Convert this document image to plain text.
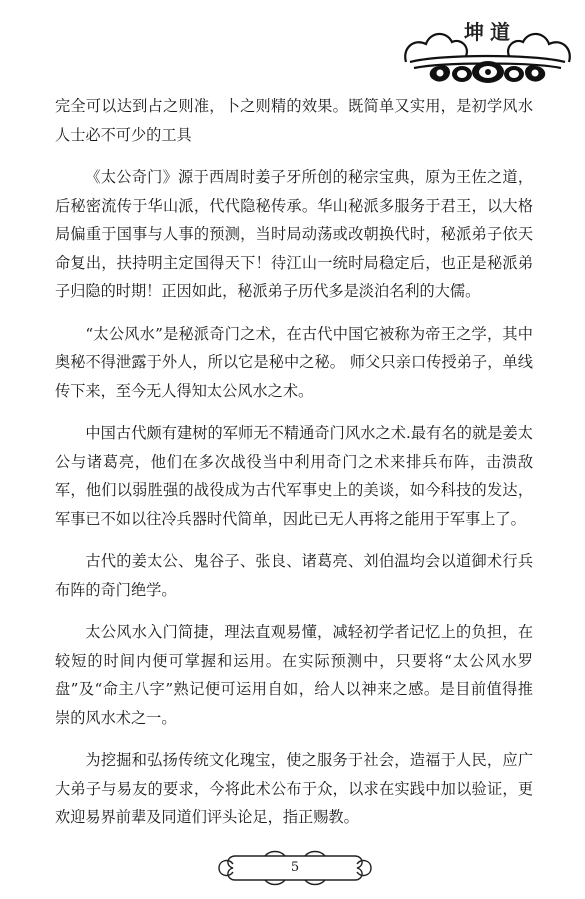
坤道

完全可以达到占之则准，卜之则精的效果。既简单又实用，是初学风水人士必不可少的工具

《太公奇门》源于西周时姜子牙所创的秘宗宝典，原为王佐之道，后秘密流传于华山派，代代隐秘传承。华山秘派多服务于君王，以大格局偏重于国事与人事的预测，当时局动荡或改朝换代时，秘派弟子依天命复出，扶持明主定国得天下！待江山一统时局稳定后，也正是秘派弟子归隐的时期！正因如此，秘派弟子历代多是淡泊名利的大儒。

“太公风水”是秘派奇门之术，在古代中国它被称为帝王之学，其中奥秘不得泄露于外人，所以它是秘中之秘。 师父只亲口传授弟子，单线传下来，至今无人得知太公风水之术。

中国古代颇有建树的军师无不精通奇门风水之术.最有名的就是姜太公与诸葛亮，他们在多次战役当中利用奇门之术来排兵布阵，击溃敌军，他们以弱胜强的战役成为古代军事史上的美谈，如今科技的发达，军事已不如以往冷兵器时代简单，因此已无人再将之能用于军事上了。

古代的姜太公、鬼谷子、张良、诸葛亮、刘伯温均会以道御术行兵布阵的奇门绝学。

太公风水入门简捷，理法直观易懂，减轻初学者记忆上的负担，在较短的时间内便可掌握和运用。在实际预测中，只要将“太公风水罗盘”及“命主八字”熟记便可运用自如，给人以神来之感。是目前值得推崇的风水术之一。

为挖掘和弘扬传统文化瑰宝，使之服务于社会，造福于人民，应广大弟子与易友的要求，今将此术公布于众，以求在实践中加以验证，更欢迎易界前辈及同道们评头论足，指正赐教。

5
